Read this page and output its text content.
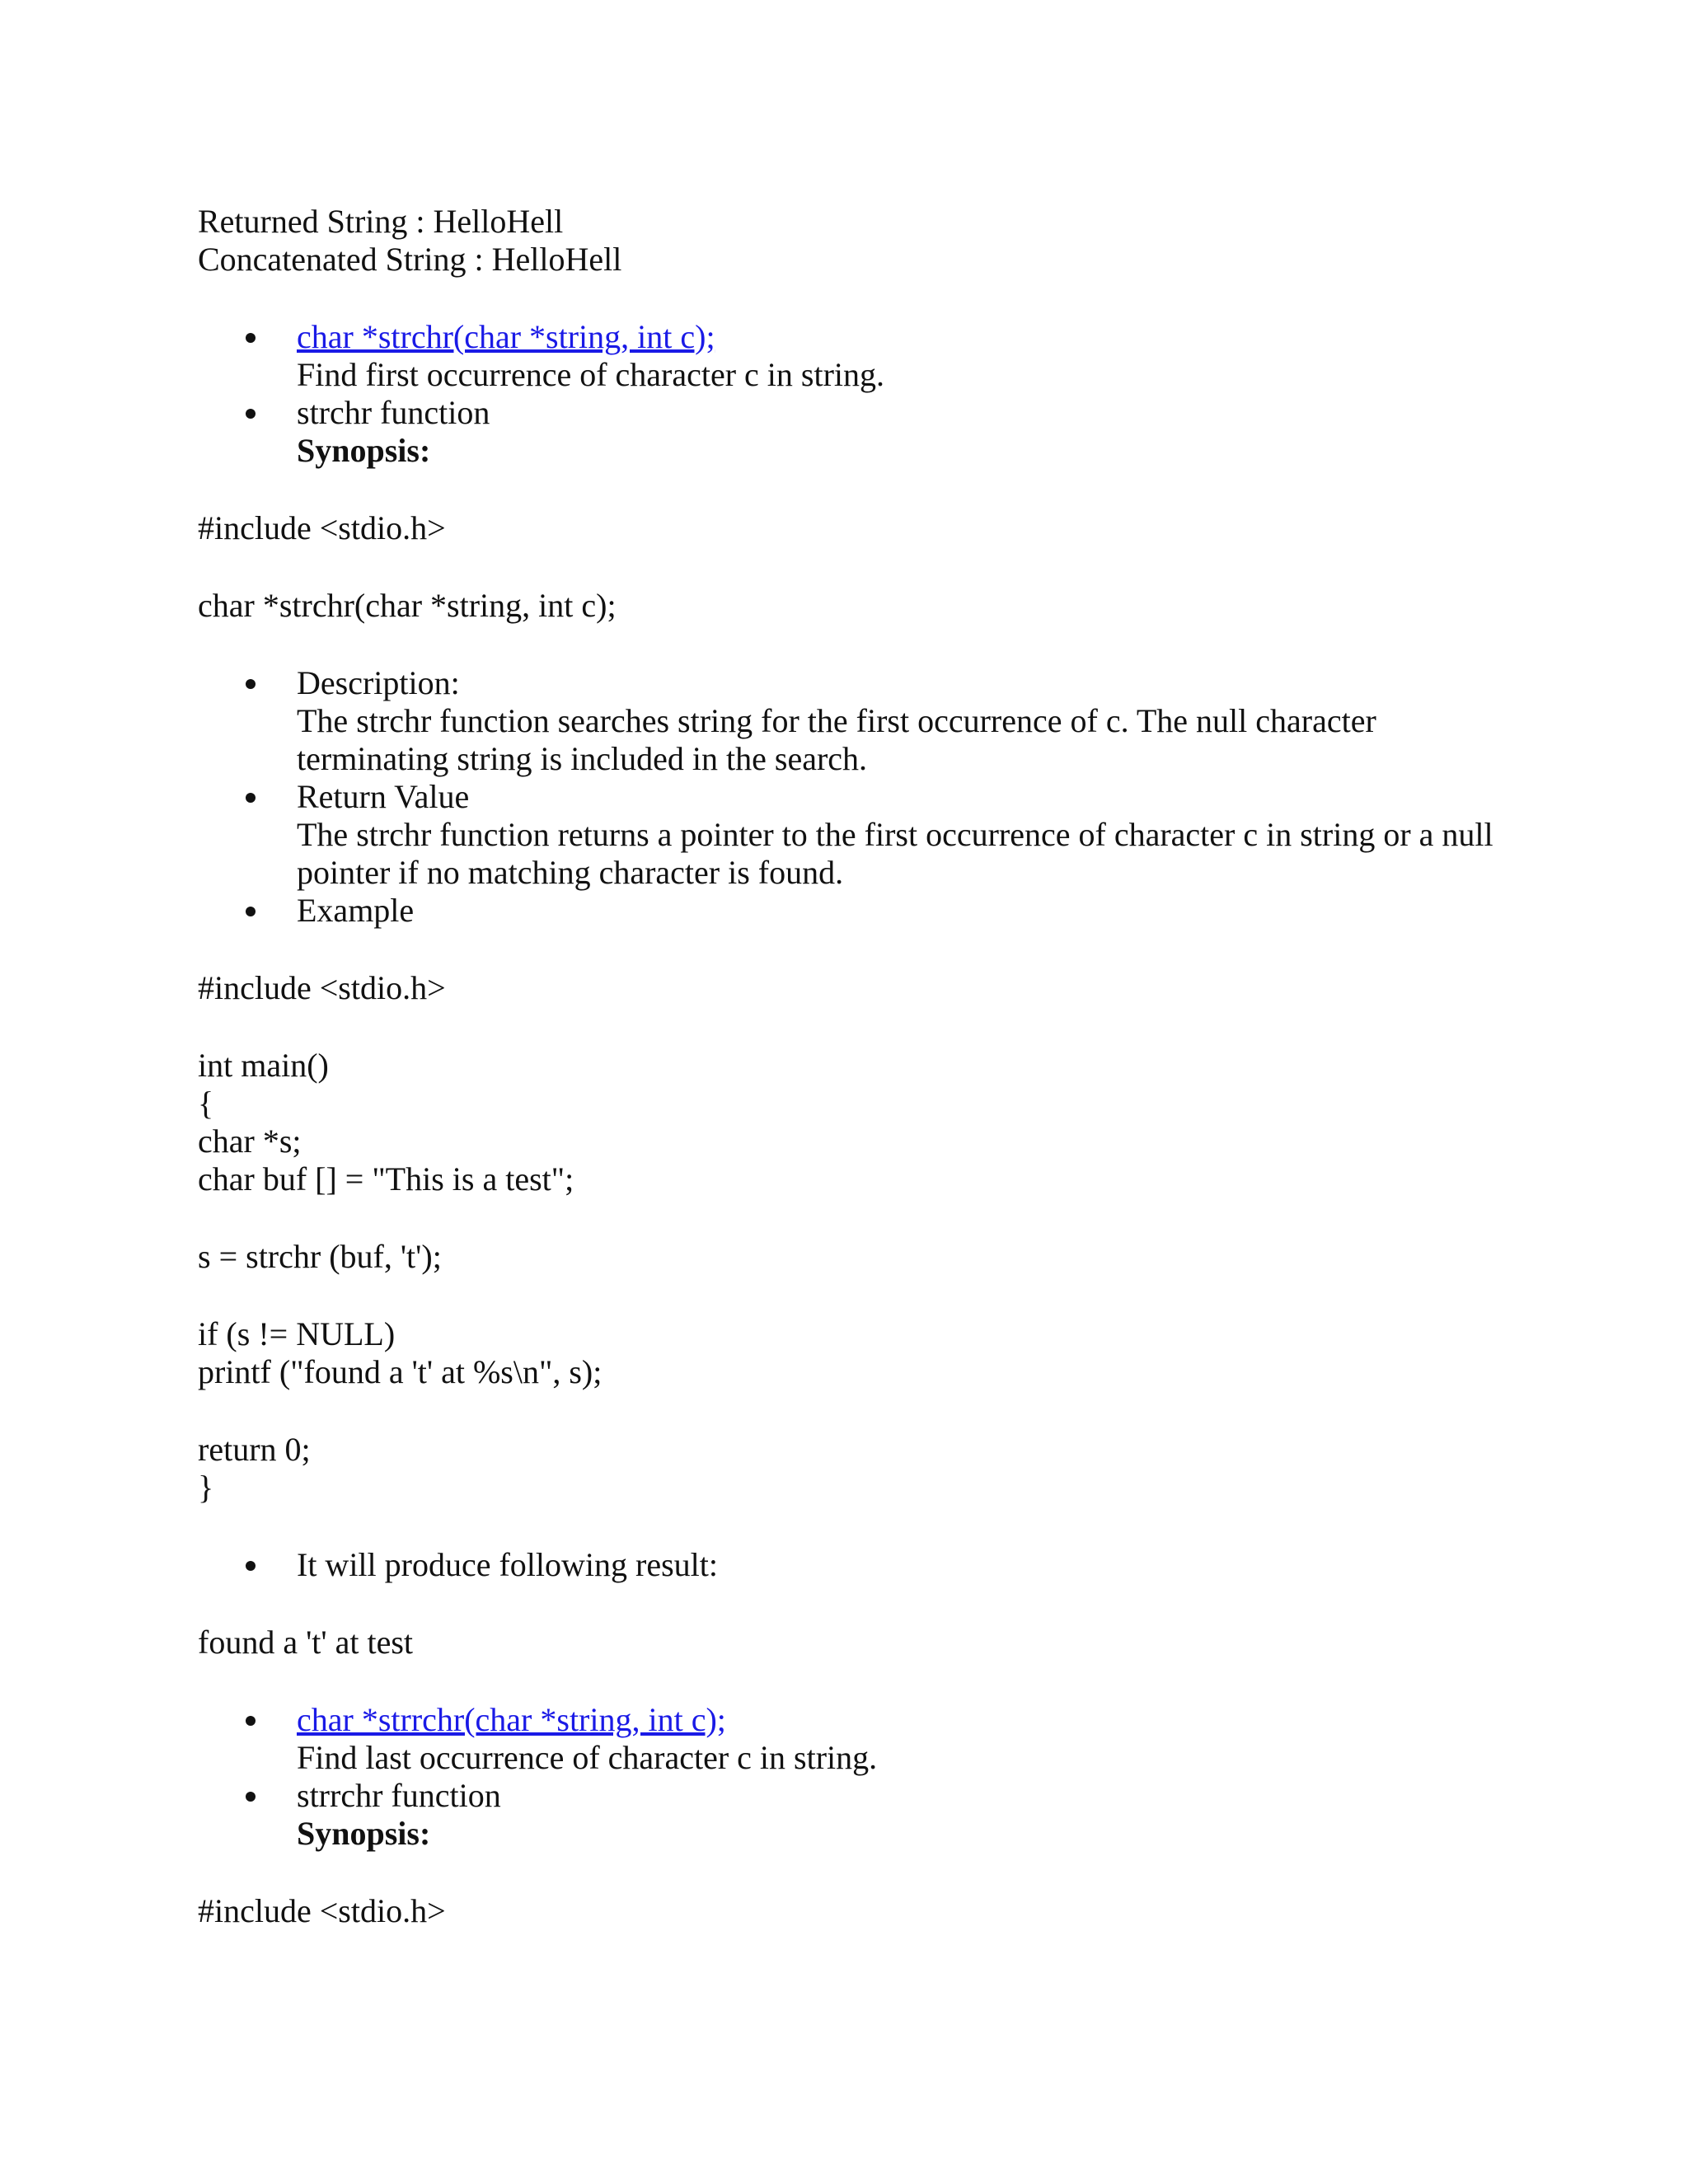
Returned String : HelloHell
Concatenated String : HelloHell
char *strchr(char *string, int c);
Find first occurrence of character c in string.
strchr function
Synopsis:
#include <stdio.h>
char *strchr(char *string, int c);
Description:
The strchr function searches string for the first occurrence of c. The null character terminating string is included in the search.
Return Value
The strchr function returns a pointer to the first occurrence of character c in string or a null pointer if no matching character is found.
Example
#include <stdio.h>
int main()
{
char *s;
char buf [] = "This is a test";
s = strchr (buf, 't');
if (s != NULL)
printf ("found a 't' at %s\n", s);
return 0;
}
It will produce following result:
found a 't' at test
char *strrchr(char *string, int c);
Find last occurrence of character c in string.
strrchr function
Synopsis:
#include <stdio.h>
